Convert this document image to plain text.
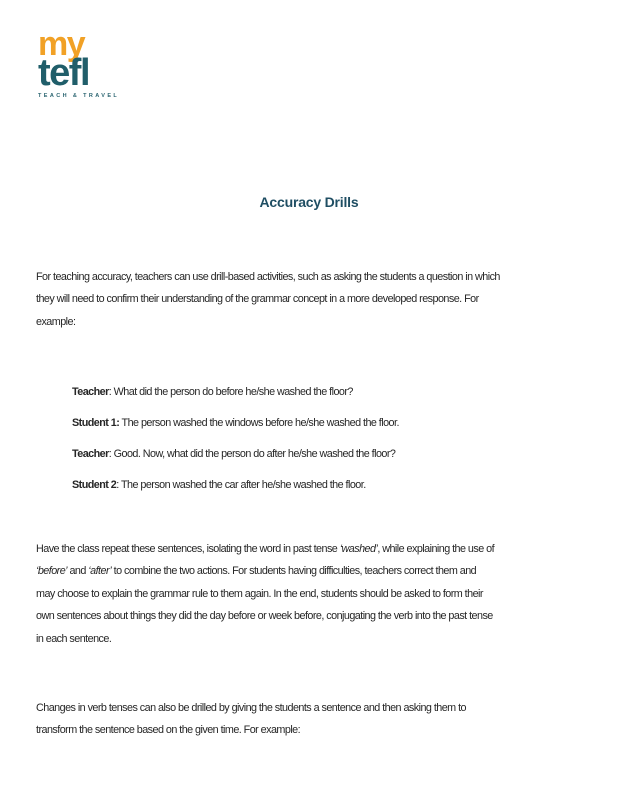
my
tefl
TEACH & TRAVEL
Accuracy Drills
For teaching accuracy, teachers can use drill-based activities, such as asking the students a question in which
they will need to confirm their understanding of the grammar concept in a more developed response. For
example:
Teacher: What did the person do before he/she washed the floor?
Student 1: The person washed the windows before he/she washed the floor.
Teacher: Good. Now, what did the person do after he/she washed the floor?
Student 2: The person washed the car after he/she washed the floor.
Have the class repeat these sentences, isolating the word in past tense ‘washed’, while explaining the use of
‘before’ and ‘after’ to combine the two actions. For students having difficulties, teachers correct them and
may choose to explain the grammar rule to them again. In the end, students should be asked to form their
own sentences about things they did the day before or week before, conjugating the verb into the past tense
in each sentence.
Changes in verb tenses can also be drilled by giving the students a sentence and then asking them to
transform the sentence based on the given time. For example:
